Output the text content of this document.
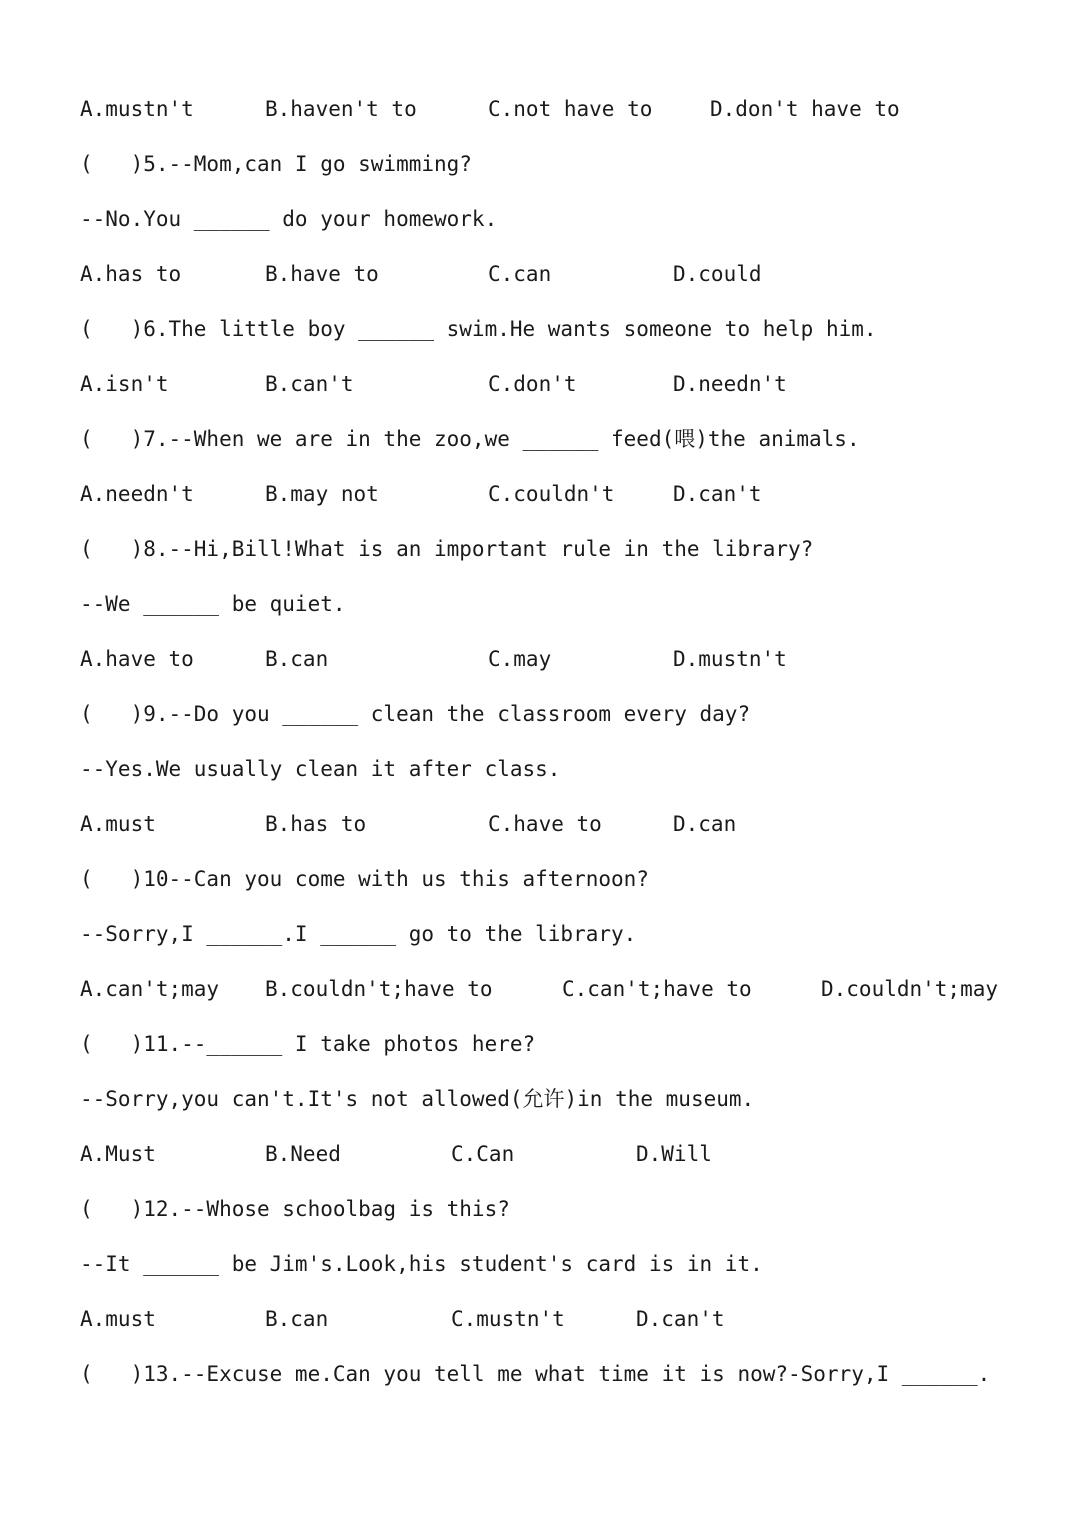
A.mustn't

	B.haven't to

	C.not have to

	D.don't have to

(   )5.--Mom,can I go swimming?
--No.You ______ do your homework.

A.has to

	B.have to

	C.can

	D.could

(   )6.The little boy ______ swim.He wants someone to help him.

A.isn't

	B.can't

	C.don't

	D.needn't

(   )7.--When we are in the zoo,we ______ feed(喂)the animals.

A.needn't

	B.may not

	C.couldn't

	D.can't

(   )8.--Hi,Bill!What is an important rule in the library?
--We ______ be quiet.

A.have to

	B.can

	C.may

	D.mustn't

(   )9.--Do you ______ clean the classroom every day?
--Yes.We usually clean it after class.

A.must

	B.has to

	C.have to

	D.can

(   )10--Can you come with us this afternoon?
--Sorry,I ______.I ______ go to the library.

A.can't;may

B.couldn't;have to

	C.can't;have to

	D.couldn't;may

(   )11.--______ I take photos here?
--Sorry,you can't.It's not allowed(允许)in the museum.

A.Must

	B.Need

	C.Can

	D.Will

(   )12.--Whose schoolbag is this?
--It ______ be Jim's.Look,his student's card is in it.

A.must

	B.can

	C.mustn't

	D.can't

(   )13.--Excuse me.Can you tell me what time it is now?-Sorry,I ______.
